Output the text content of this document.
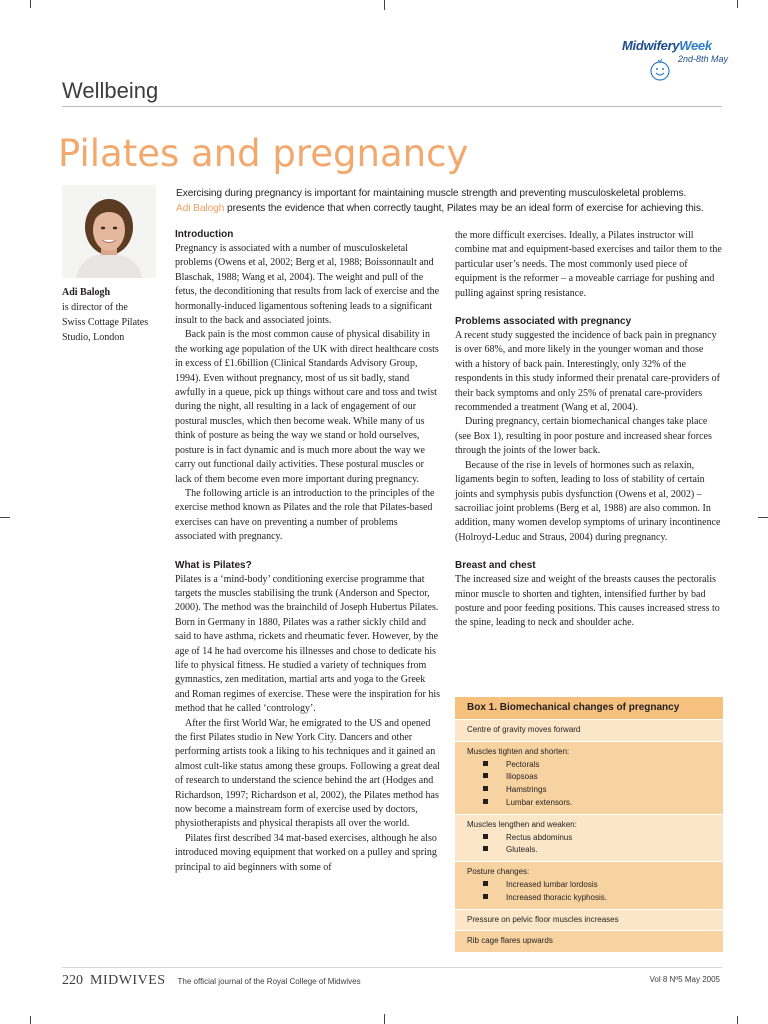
MidwiferyWeek
2nd-8th May
Wellbeing
Pilates and pregnancy
Adi Balogh
is director of the
Swiss Cottage Pilates
Studio, London
Exercising during pregnancy is important for maintaining muscle strength and preventing musculoskeletal problems.
Adi Balogh presents the evidence that when correctly taught, Pilates may be an ideal form of exercise for achieving this.
Introduction

Pregnancy is associated with a number of musculoskeletal problems (Owens et al, 2002; Berg et al, 1988; Boissonnault and Blaschak, 1988; Wang et al, 2004). The weight and pull of the fetus, the deconditioning that results from lack of exercise and the hormonally-induced ligamentous softening leads to a significant insult to the back and associated joints.

Back pain is the most common cause of physical disability in the working age population of the UK with direct healthcare costs in excess of £1.6billion (Clinical Standards Advisory Group, 1994). Even without pregnancy, most of us sit badly, stand awfully in a queue, pick up things without care and toss and twist during the night, all resulting in a lack of engagement of our postural muscles, which then become weak. While many of us think of posture as being the way we stand or hold ourselves, posture is in fact dynamic and is much more about the way we carry out functional daily activities. These postural muscles or lack of them become even more important during pregnancy.

The following article is an introduction to the principles of the exercise method known as Pilates and the role that Pilates-based exercises can have on preventing a number of problems associated with pregnancy.

What is Pilates?

Pilates is a ‘mind-body’ conditioning exercise programme that targets the muscles stabilising the trunk (Anderson and Spector, 2000). The method was the brainchild of Joseph Hubertus Pilates. Born in Germany in 1880, Pilates was a rather sickly child and said to have asthma, rickets and rheumatic fever. However, by the age of 14 he had overcome his illnesses and chose to dedicate his life to physical fitness. He studied a variety of techniques from gymnastics, zen meditation, martial arts and yoga to the Greek and Roman regimes of exercise. These were the inspiration for his method that he called ‘contrology’.

After the first World War, he emigrated to the US and opened the first Pilates studio in New York City. Dancers and other performing artists took a liking to his techniques and it gained an almost cult-like status among these groups. Following a great deal of research to understand the science behind the art (Hodges and Richardson, 1997; Richardson et al, 2002), the Pilates method has now become a mainstream form of exercise used by doctors, physiotherapists and physical therapists all over the world.

Pilates first described 34 mat-based exercises, although he also introduced moving equipment that worked on a pulley and spring principal to aid beginners with some of

the more difficult exercises. Ideally, a Pilates instructor will combine mat and equipment-based exercises and tailor them to the particular user’s needs. The most commonly used piece of equipment is the reformer – a moveable carriage for pushing and pulling against spring resistance.

Problems associated with pregnancy

A recent study suggested the incidence of back pain in pregnancy is over 68%, and more likely in the younger woman and those with a history of back pain. Interestingly, only 32% of the respondents in this study informed their prenatal care-providers of their back symptoms and only 25% of prenatal care-providers recommended a treatment (Wang et al, 2004).

During pregnancy, certain biomechanical changes take place (see Box 1), resulting in poor posture and increased shear forces through the joints of the lower back.

Because of the rise in levels of hormones such as relaxin, ligaments begin to soften, leading to loss of stability of certain joints and symphysis pubis dysfunction (Owens et al, 2002) – sacroiliac joint problems (Berg et al, 1988) are also common. In addition, many women develop symptoms of urinary incontinence (Holroyd-Leduc and Straus, 2004) during pregnancy.

Breast and chest

The increased size and weight of the breasts causes the pectoralis minor muscle to shorten and tighten, intensified further by bad posture and poor feeding positions. This causes increased stress to the spine, leading to neck and shoulder ache.

Box 1. Biomechanical changes of pregnancy
Centre of gravity moves forward
Muscles tighten and shorten:
Pectorals
Iliopsoas
Hamstrings
Lumbar extensors.
Muscles lengthen and weaken:
Rectus abdominus
Gluteals.
Posture changes:
Increased lumbar lordosis
Increased thoracic kyphosis.
Pressure on pelvic floor muscles increases
Rib cage flares upwards
220 MIDWIVES The official journal of the Royal College of Midwives	Vol 8 Nº5 May 2005
